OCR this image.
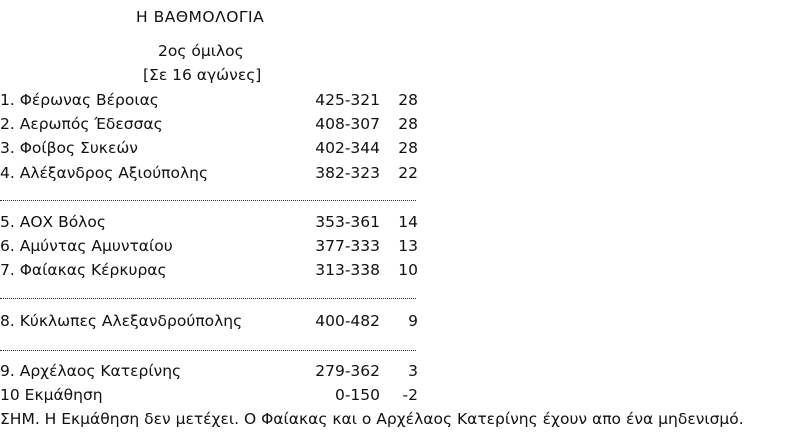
Η ΒΑΘΜΟΛΟΓΙΑ
2ος όμιλος
[Σε 16 αγώνες]
1. Φέρωνας Βέροιας	425-321 28
2. Αερωπός Έδεσσας	408-307 28
3. Φοίβος Συκεών	402-344 28
4. Αλέξανδρος Αξιούπολης	382-323 22
5. ΑΟΧ Βόλος	353-361 14
6. Αμύντας Αμυνταίου	377-333 13
7. Φαίακας Κέρκυρας	313-338 10
8. Κύκλωπες Αλεξανδρούπολης	400-482 9
9. Αρχέλαος Κατερίνης	279-362 3
10 Εκμάθηση	0-150 -2
ΣΗΜ. Η Εκμάθηση δεν μετέχει. Ο Φαίακας και ο Αρχέλαος Κατερίνης έχουν απο ένα μηδενισμό.
